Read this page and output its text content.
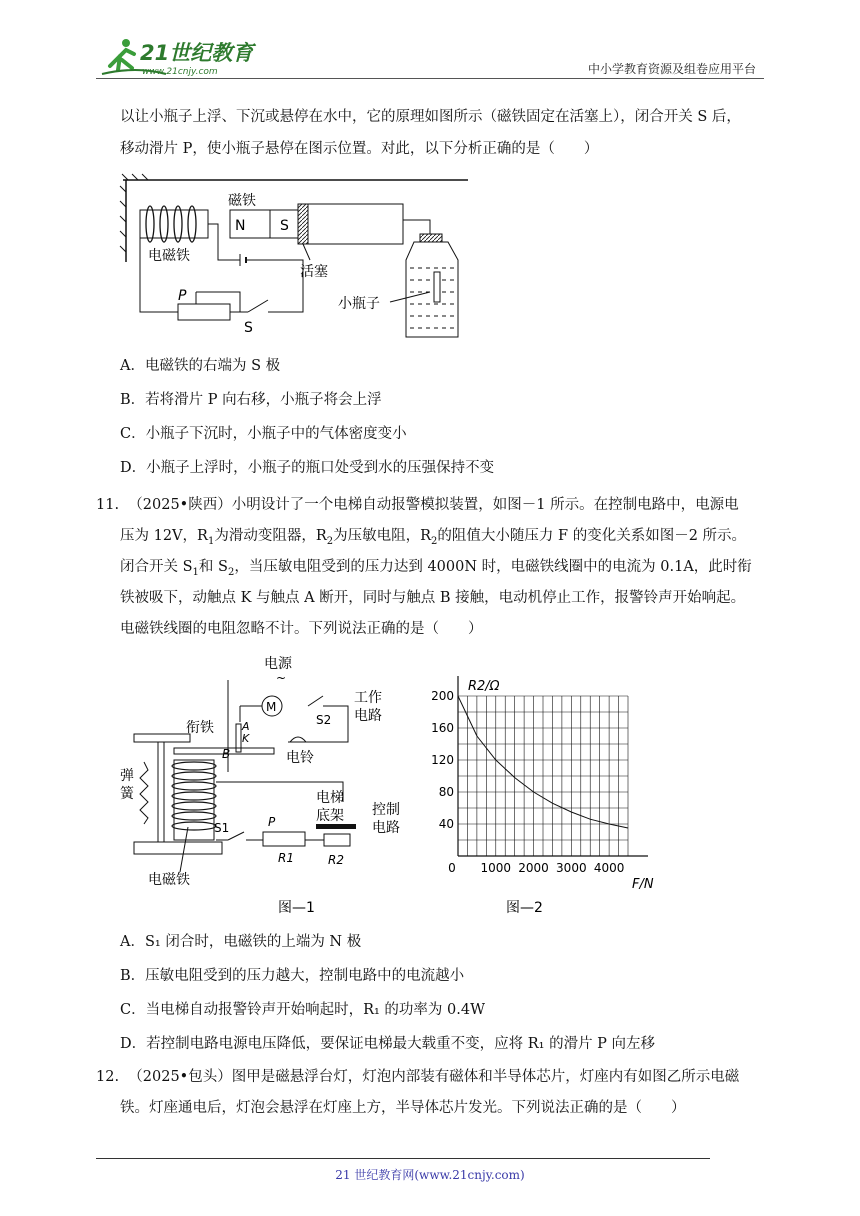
21世纪教育
www.21cnjy.com	中小学教育资源及组卷应用平台
以让小瓶子上浮、下沉或悬停在水中，它的原理如图所示（磁铁固定在活塞上），闭合开关 S 后，
移动滑片 P，使小瓶子悬停在图示位置。对此，以下分析正确的是（　　）
电磁铁
磁铁
N S
活塞
小瓶子
P
S
A．电磁铁的右端为 S 极
B．若将滑片 P 向右移，小瓶子将会上浮
C．小瓶子下沉时，小瓶子中的气体密度变小
D．小瓶子上浮时，小瓶子的瓶口处受到水的压强保持不变
11. （2025•陕西）小明设计了一个电梯自动报警模拟装置，如图－1 所示。在控制电路中，电源电
压为 12V，$R_1$为滑动变阻器，$R_2$为压敏电阻，$R_2$的阻值大小随压力 F 的变化关系如图－2 所示。
闭合开关 $S_1$和 $S_2$，当压敏电阻受到的压力达到 4000N 时，电磁铁线圈中的电流为 0.1A，此时衔
铁被吸下，动触点 K 与触点 A 断开，同时与触点 B 接触，电动机停止工作，报警铃声开始响起。
电磁铁线圈的电阻忽略不计。下列说法正确的是（　　）
电源
~
M
S2
工作
电路
电铃
衔铁	A
K
B
弹
簧
电磁铁
电梯
底架
R2
控制
电路
S1	P
R1
图—1
40
80
120
160
200
0 1000 2000 3000 4000
R2/Ω
F/N
图—2
A．S₁ 闭合时，电磁铁的上端为 N 极
B．压敏电阻受到的压力越大，控制电路中的电流越小
C．当电梯自动报警铃声开始响起时，R₁ 的功率为 0.4W
D．若控制电路电源电压降低，要保证电梯最大载重不变，应将 R₁ 的滑片 P 向左移
12. （2025•包头）图甲是磁悬浮台灯，灯泡内部装有磁体和半导体芯片，灯座内有如图乙所示电磁
铁。灯座通电后，灯泡会悬浮在灯座上方，半导体芯片发光。下列说法正确的是（　　）
21 世纪教育网(www.21cnjy.com)
